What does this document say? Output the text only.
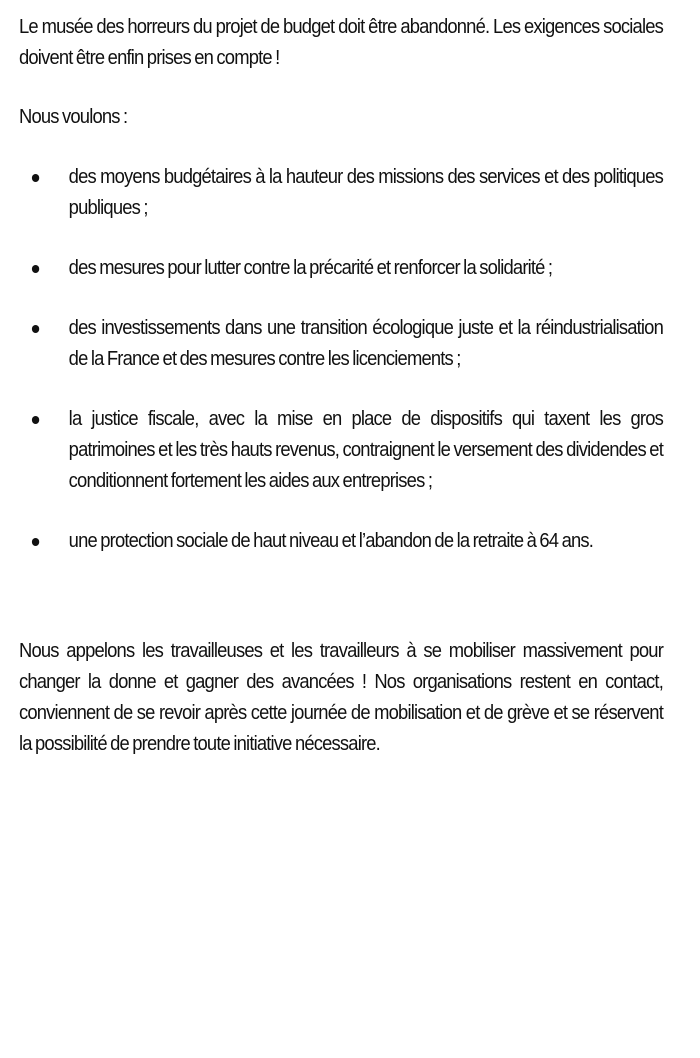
Le musée des horreurs du projet de budget doit être abandonné. Les exigences sociales doivent être enfin prises en compte !

Nous voulons :

des moyens budgétaires à la hauteur des missions des services et des politiques publiques ;
des mesures pour lutter contre la précarité et renforcer la solidarité ;
des investissements dans une transition écologique juste et la réindustrialisation de la France et des mesures contre les licenciements ;
la justice fiscale, avec la mise en place de dispositifs qui taxent les gros patrimoines et les très hauts revenus, contraignent le versement des dividendes et conditionnent fortement les aides aux entreprises ;
une protection sociale de haut niveau et l’abandon de la retraite à 64 ans.

Nous appelons les travailleuses et les travailleurs à se mobiliser massivement pour changer la donne et gagner des avancées ! Nos organisations restent en contact, conviennent de se revoir après cette journée de mobilisation et de grève et se réservent la possibilité de prendre toute initiative nécessaire.
